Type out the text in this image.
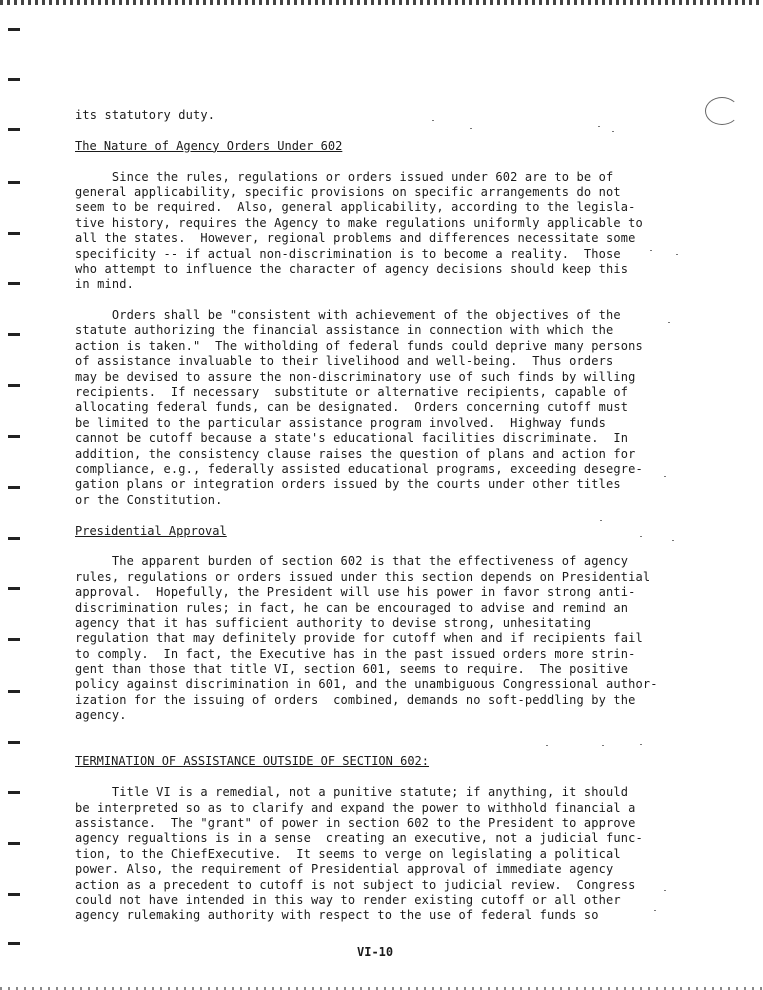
its statutory duty.
The Nature of Agency Orders Under 602
Since the rules, regulations or orders issued under 602 are to be of
general applicability, specific provisions on specific arrangements do not
seem to be required.  Also, general applicability, according to the legisla-
tive history, requires the Agency to make regulations uniformly applicable to
all the states.  However, regional problems and differences necessitate some
specificity -- if actual non-discrimination is to become a reality.  Those
who attempt to influence the character of agency decisions should keep this
in mind.
Orders shall be "consistent with achievement of the objectives of the
statute authorizing the financial assistance in connection with which the
action is taken."  The witholding of federal funds could deprive many persons
of assistance invaluable to their livelihood and well-being.  Thus orders
may be devised to assure the non-discriminatory use of such finds by willing
recipients.  If necessary  substitute or alternative recipients, capable of
allocating federal funds, can be designated.  Orders concerning cutoff must
be limited to the particular assistance program involved.  Highway funds
cannot be cutoff because a state's educational facilities discriminate.  In
addition, the consistency clause raises the question of plans and action for
compliance, e.g., federally assisted educational programs, exceeding desegre-
gation plans or integration orders issued by the courts under other titles
or the Constitution.
Presidential Approval
The apparent burden of section 602 is that the effectiveness of agency
rules, regulations or orders issued under this section depends on Presidential
approval.  Hopefully, the President will use his power in favor strong anti-
discrimination rules; in fact, he can be encouraged to advise and remind an
agency that it has sufficient authority to devise strong, unhesitating
regulation that may definitely provide for cutoff when and if recipients fail
to comply.  In fact, the Executive has in the past issued orders more strin-
gent than those that title VI, section 601, seems to require.  The positive
policy against discrimination in 601, and the unambiguous Congressional author-
ization for the issuing of orders  combined, demands no soft-peddling by the
agency.
TERMINATION OF ASSISTANCE OUTSIDE OF SECTION 602:
Title VI is a remedial, not a punitive statute; if anything, it should
be interpreted so as to clarify and expand the power to withhold financial a
assistance.  The "grant" of power in section 602 to the President to approve
agency regualtions is in a sense  creating an executive, not a judicial func-
tion, to the ChiefExecutive.  It seems to verge on legislating a political
power. Also, the requirement of Presidential approval of immediate agency
action as a precedent to cutoff is not subject to judicial review.  Congress
could not have intended in this way to render existing cutoff or all other
agency rulemaking authority with respect to the use of federal funds so
VI-10
